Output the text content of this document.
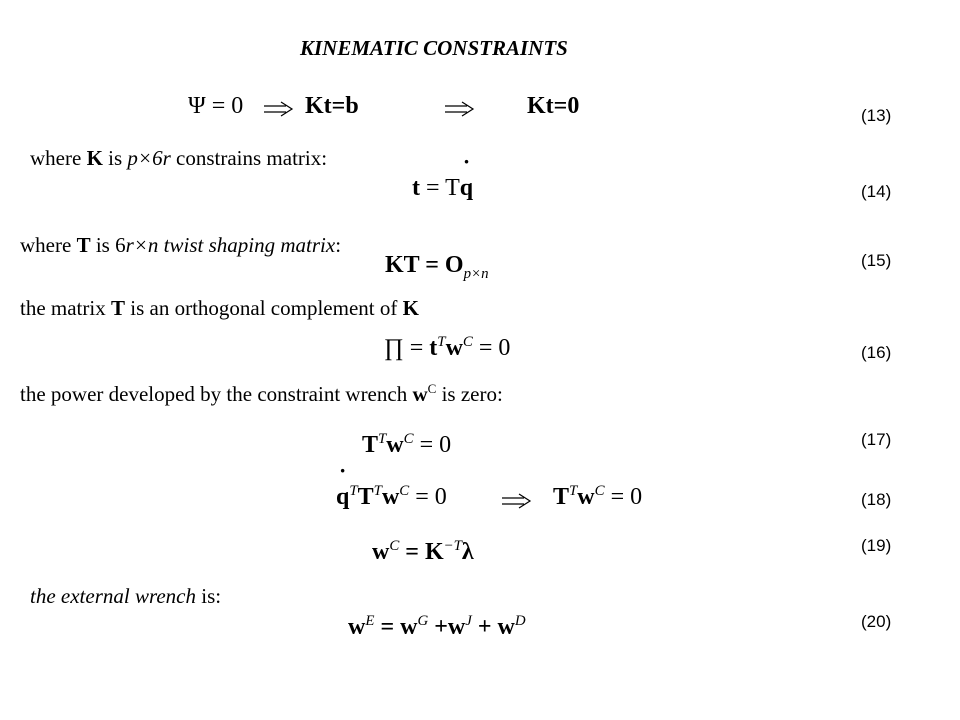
KINEMATIC CONSTRAINTS
Ψ = 0	Kt=b	Kt=0	(13)
where K is p×6r constrains matrix:
t = Tq ˙	(14)
where T is 6r×n twist shaping matrix:
KT = $O_{p\times n}$
(15)
the matrix T is an orthogonal complement of K
∏ = $t^Tw^C = 0$	(16)
the power developed by the constraint wrench $w^C$ is zero:
$T^Tw^C = 0$	(17)
q $˙^TT^Tw^C = 0$	$T^Tw^C = 0$	(18)
$w^C = K^{-T}\lambda$	(19)
the external wrench is:
$w^E = w^G +w^J + w^D$	(20)
